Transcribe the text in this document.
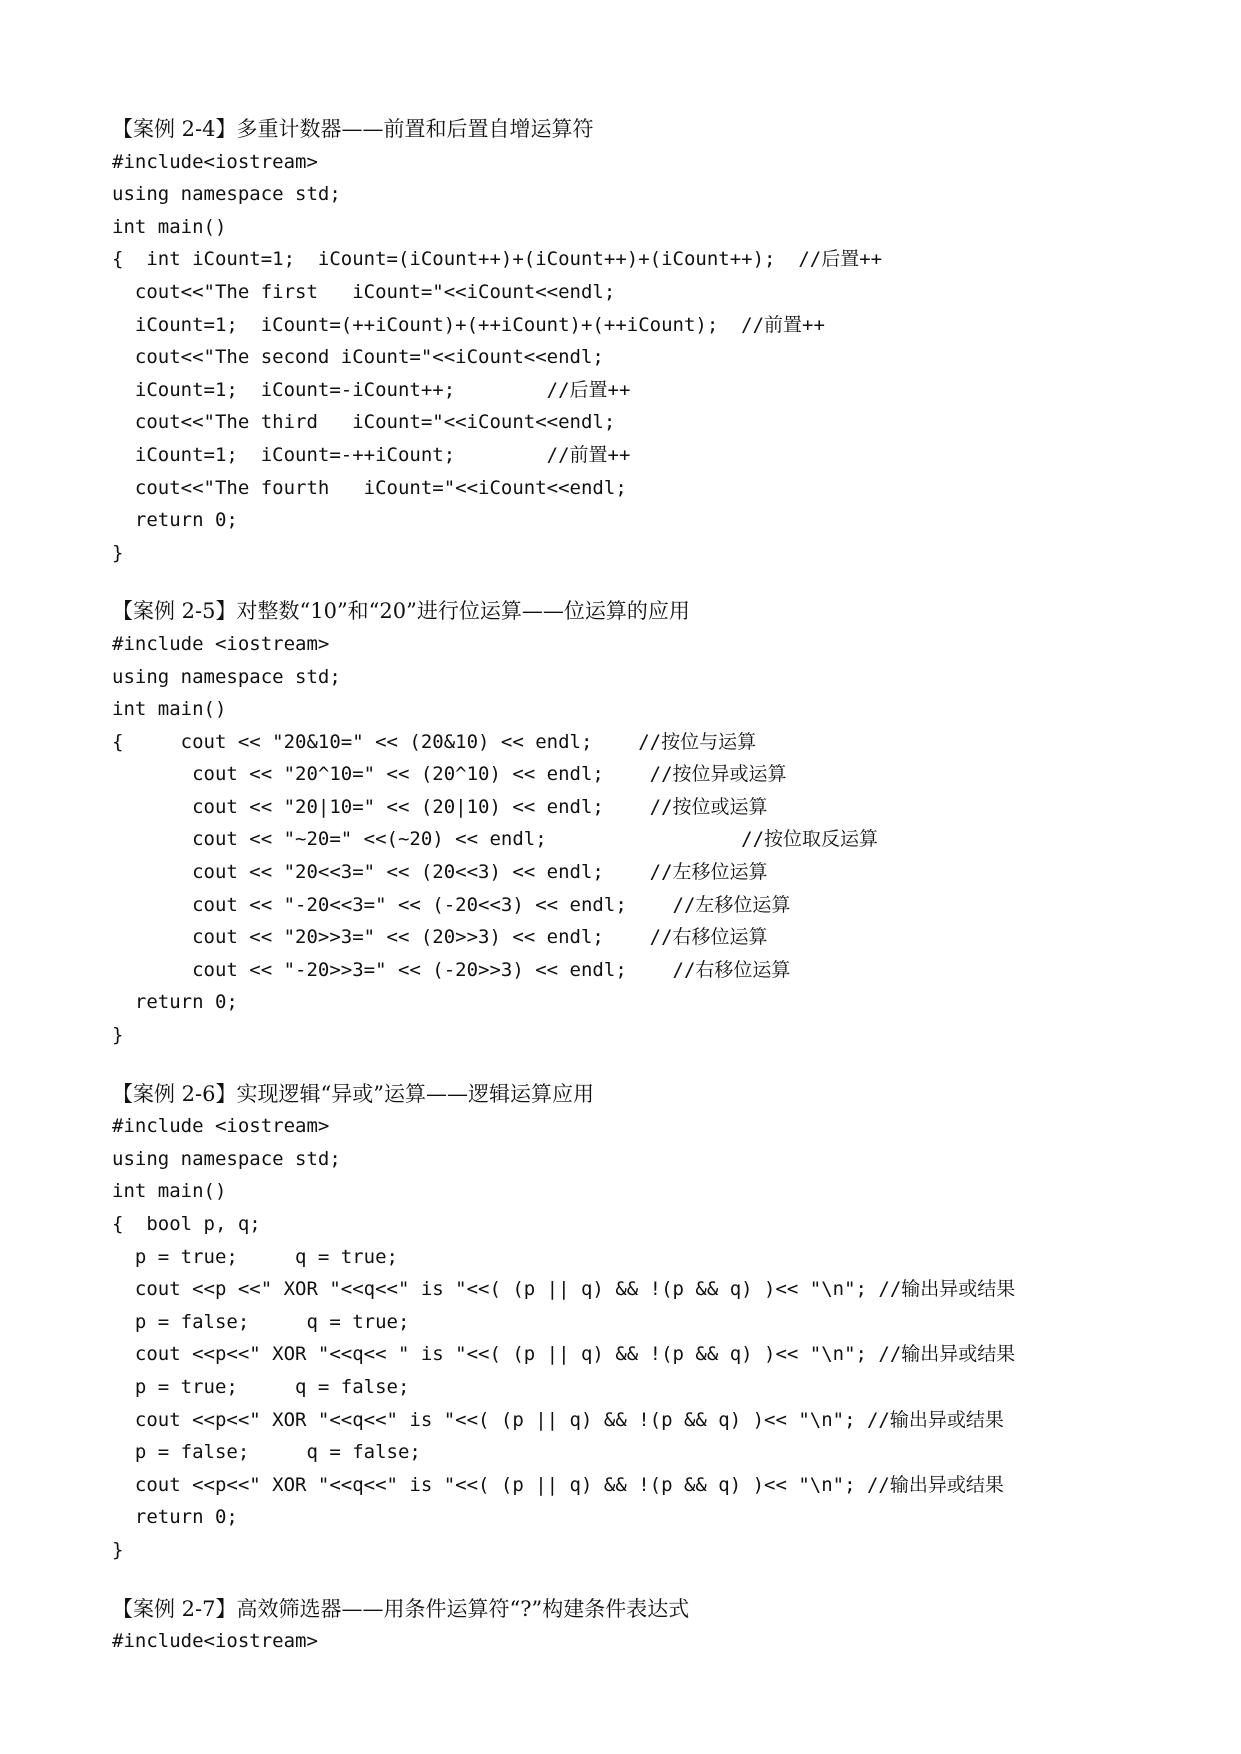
【案例 2-4】多重计数器——前置和后置自增运算符
#include<iostream>
using namespace std;
int main()
{  int iCount=1;  iCount=(iCount++)+(iCount++)+(iCount++);  //后置++
cout<<"The first   iCount="<<iCount<<endl;
iCount=1;  iCount=(++iCount)+(++iCount)+(++iCount);  //前置++
cout<<"The second iCount="<<iCount<<endl;
iCount=1;  iCount=-iCount++;        //后置++
cout<<"The third   iCount="<<iCount<<endl;
iCount=1;  iCount=-++iCount;        //前置++
cout<<"The fourth   iCount="<<iCount<<endl;
return 0;
}
【案例 2-5】对整数“10”和“20”进行位运算——位运算的应用
#include <iostream>
using namespace std;
int main()
{     cout << "20&10=" << (20&10) << endl;    //按位与运算
cout << "20^10=" << (20^10) << endl;    //按位异或运算
cout << "20|10=" << (20|10) << endl;    //按位或运算
cout << "~20=" <<(~20) << endl;                 //按位取反运算
cout << "20<<3=" << (20<<3) << endl;    //左移位运算
cout << "-20<<3=" << (-20<<3) << endl;    //左移位运算
cout << "20>>3=" << (20>>3) << endl;    //右移位运算
cout << "-20>>3=" << (-20>>3) << endl;    //右移位运算
return 0;
}
【案例 2-6】实现逻辑“异或”运算——逻辑运算应用
#include <iostream>
using namespace std;
int main()
{  bool p, q;
p = true;     q = true;
cout <<p <<" XOR "<<q<<" is "<<( (p || q) && !(p && q) )<< "\n"; //输出异或结果
p = false;     q = true;
cout <<p<<" XOR "<<q<< " is "<<( (p || q) && !(p && q) )<< "\n"; //输出异或结果
p = true;     q = false;
cout <<p<<" XOR "<<q<<" is "<<( (p || q) && !(p && q) )<< "\n"; //输出异或结果
p = false;     q = false;
cout <<p<<" XOR "<<q<<" is "<<( (p || q) && !(p && q) )<< "\n"; //输出异或结果
return 0;
}
【案例 2-7】高效筛选器——用条件运算符“?”构建条件表达式
#include<iostream>
